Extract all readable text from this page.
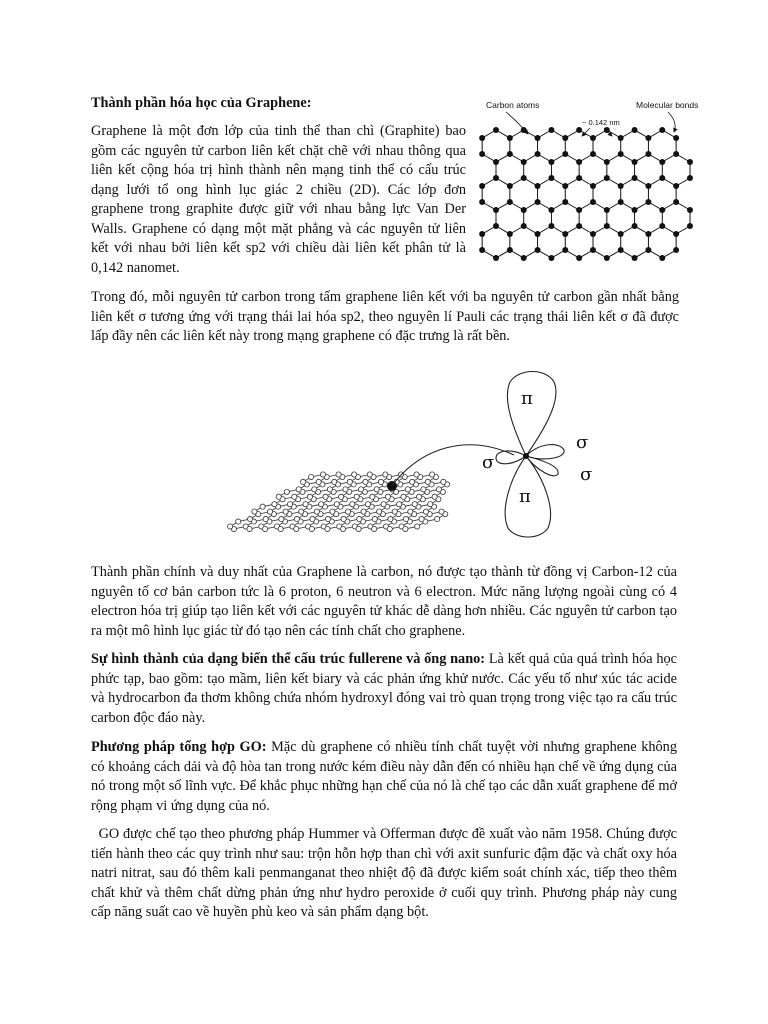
Thành phần hóa học của Graphene:

Graphene là một đơn lớp của tinh thể than chì (Graphite) bao gồm các nguyên tử carbon liên kết chặt chẽ với nhau thông qua liên kết cộng hóa trị hình thành nên mạng tinh thể có cấu trúc dạng lưới tổ ong hình lục giác 2 chiều (2D). Các lớp đơn graphene trong graphite được giữ với nhau bằng lực Van Der Walls. Graphene có dạng một mặt phẳng và các nguyên tử liên kết với nhau bởi liên kết sp2 với chiều dài liên kết phân tử là 0,142 nanomet.

Carbon atoms	Molecular bonds
~ 0.142 nm

Trong đó, mỗi nguyên tử carbon trong tấm graphene liên kết với ba nguyên tử carbon gần nhất bằng liên kết σ tương ứng với trạng thái lai hóa sp2, theo nguyên lí Pauli các trạng thái liên kết σ đã được lấp đầy nên các liên kết này trong mạng graphene có đặc trưng là rất bền.

π
π
σ
σ
σ

Thành phần chính và duy nhất của Graphene là carbon, nó được tạo thành từ đồng vị Carbon-12 của nguyên tố cơ bản carbon tức là 6 proton, 6 neutron và 6 electron. Mức năng lượng ngoài cùng có 4 electron hóa trị giúp tạo liên kết với các nguyên tử khác dễ dàng hơn nhiều. Các nguyên tử carbon tạo ra một mô hình lục giác từ đó tạo nên các tính chất cho graphene.

Sự hình thành của dạng biến thể cấu trúc fullerene và ống nano: Là kết quả của quá trình hóa học phức tạp, bao gồm: tạo mầm, liên kết biary và các phản ứng khử nước. Các yếu tố như xúc tác acide và hydrocarbon đa thơm không chứa nhóm hydroxyl đóng vai trò quan trọng trong việc tạo ra cấu trúc carbon độc đáo này.

Phương pháp tổng hợp GO: Mặc dù graphene có nhiều tính chất tuyệt vời nhưng graphene không có khoảng cách dải và độ hòa tan trong nước kém điều này dẫn đến có nhiều hạn chế về ứng dụng của nó trong một số lĩnh vực. Để khắc phục những hạn chế của nó là chế tạo các dẫn xuất graphene để mở rộng phạm vi ứng dụng của nó.

GO được chế tạo theo phương pháp Hummer và Offerman được đề xuất vào năm 1958. Chúng được tiến hành theo các quy trình như sau: trộn hỗn hợp than chì với axit sunfuric đậm đặc và chất oxy hóa natri nitrat, sau đó thêm kali penmanganat theo nhiệt độ đã được kiểm soát chính xác, tiếp theo thêm chất khử và thêm chất dừng phản ứng như hydro peroxide ở cuối quy trình. Phương pháp này cung cấp năng suất cao về huyền phù keo và sản phẩm dạng bột.
